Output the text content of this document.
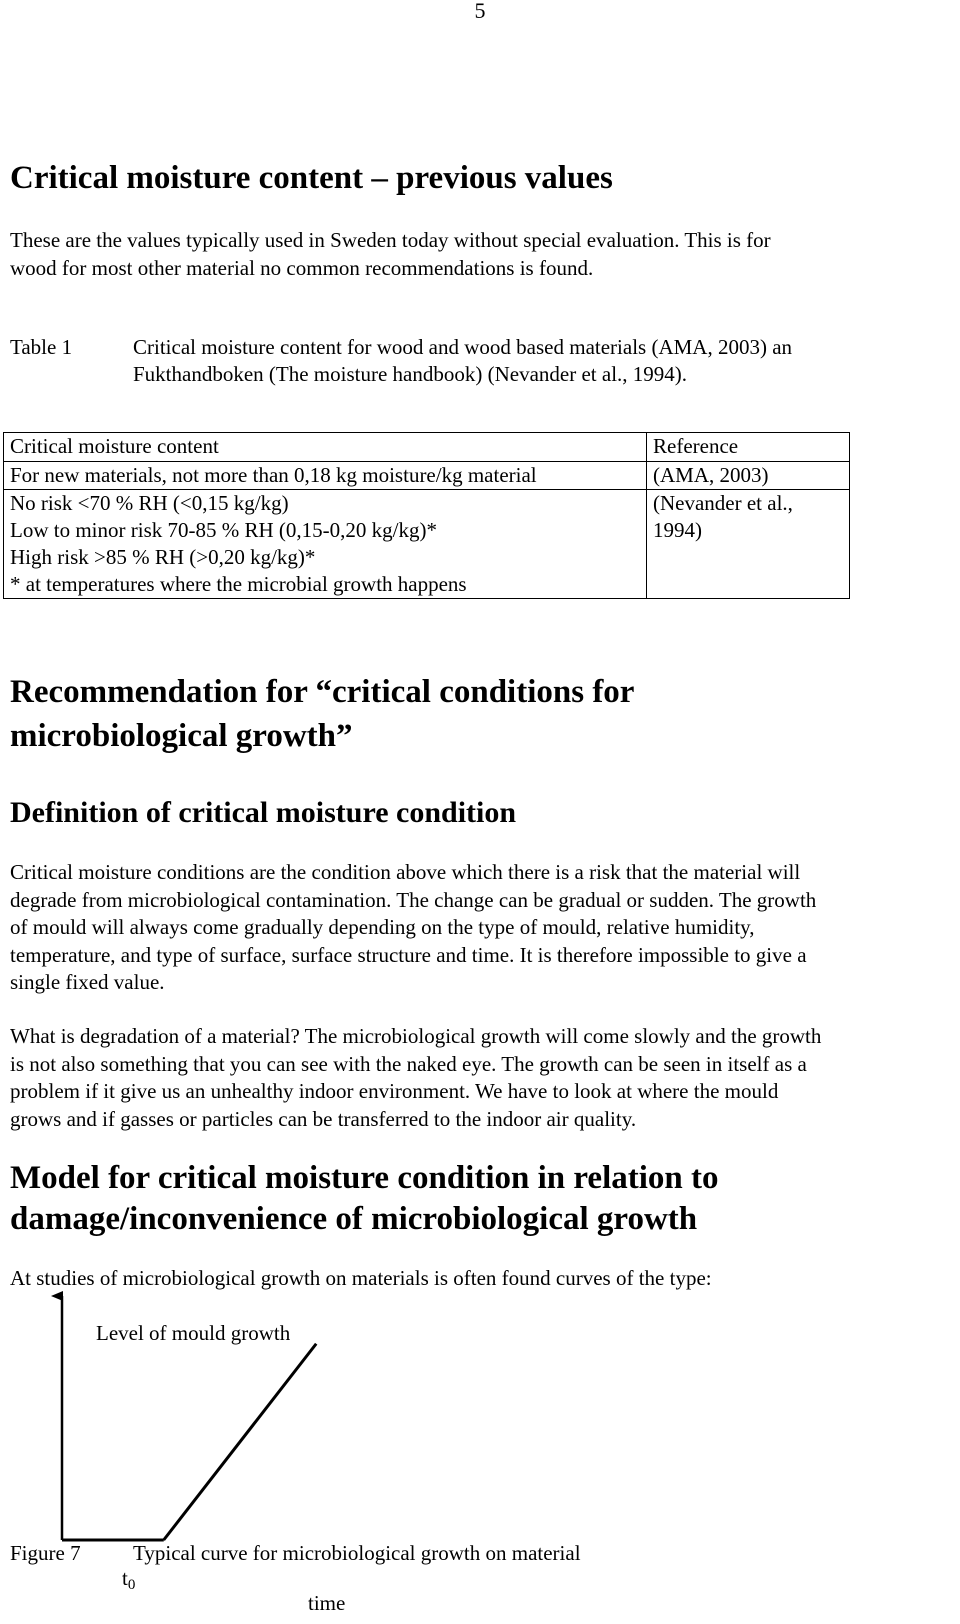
5
Critical moisture content – previous values

These are the values typically used in Sweden today without special evaluation. This is for
wood for most other material no common recommendations is found.

Table 1	Critical moisture content for wood and wood based materials (AMA, 2003) an
Fukthandboken (The moisture handbook) (Nevander et al., 1994).
Critical moisture content	Reference

For new materials, not more than 0,18 kg moisture/kg material	(AMA, 2003)

No risk <70 % RH (<0,15 kg/kg)
Low to minor risk 70-85 % RH (0,15-0,20 kg/kg)*
High risk >85 % RH (>0,20 kg/kg)*
* at temperatures where the microbial growth happens	(Nevander et al.,
1994)
Recommendation for “critical conditions for
microbiological growth”
Definition of critical moisture condition

Critical moisture conditions are the condition above which there is a risk that the material will
degrade from microbiological contamination. The change can be gradual or sudden. The growth
of mould will always come gradually depending on the type of mould, relative humidity,
temperature, and type of surface, surface structure and time. It is therefore impossible to give a
single fixed value.

What is degradation of a material? The microbiological growth will come slowly and the growth
is not also something that you can see with the naked eye. The growth can be seen in itself as a
problem if it give us an unhealthy indoor environment. We have to look at where the mould
grows and if gasses or particles can be transferred to the indoor air quality.

Model for critical moisture condition in relation to
damage/inconvenience of microbiological growth

At studies of microbiological growth on materials is often found curves of the type:

Level of mould growth
time
t0
Figure 7 Typical curve for microbiological growth on material
